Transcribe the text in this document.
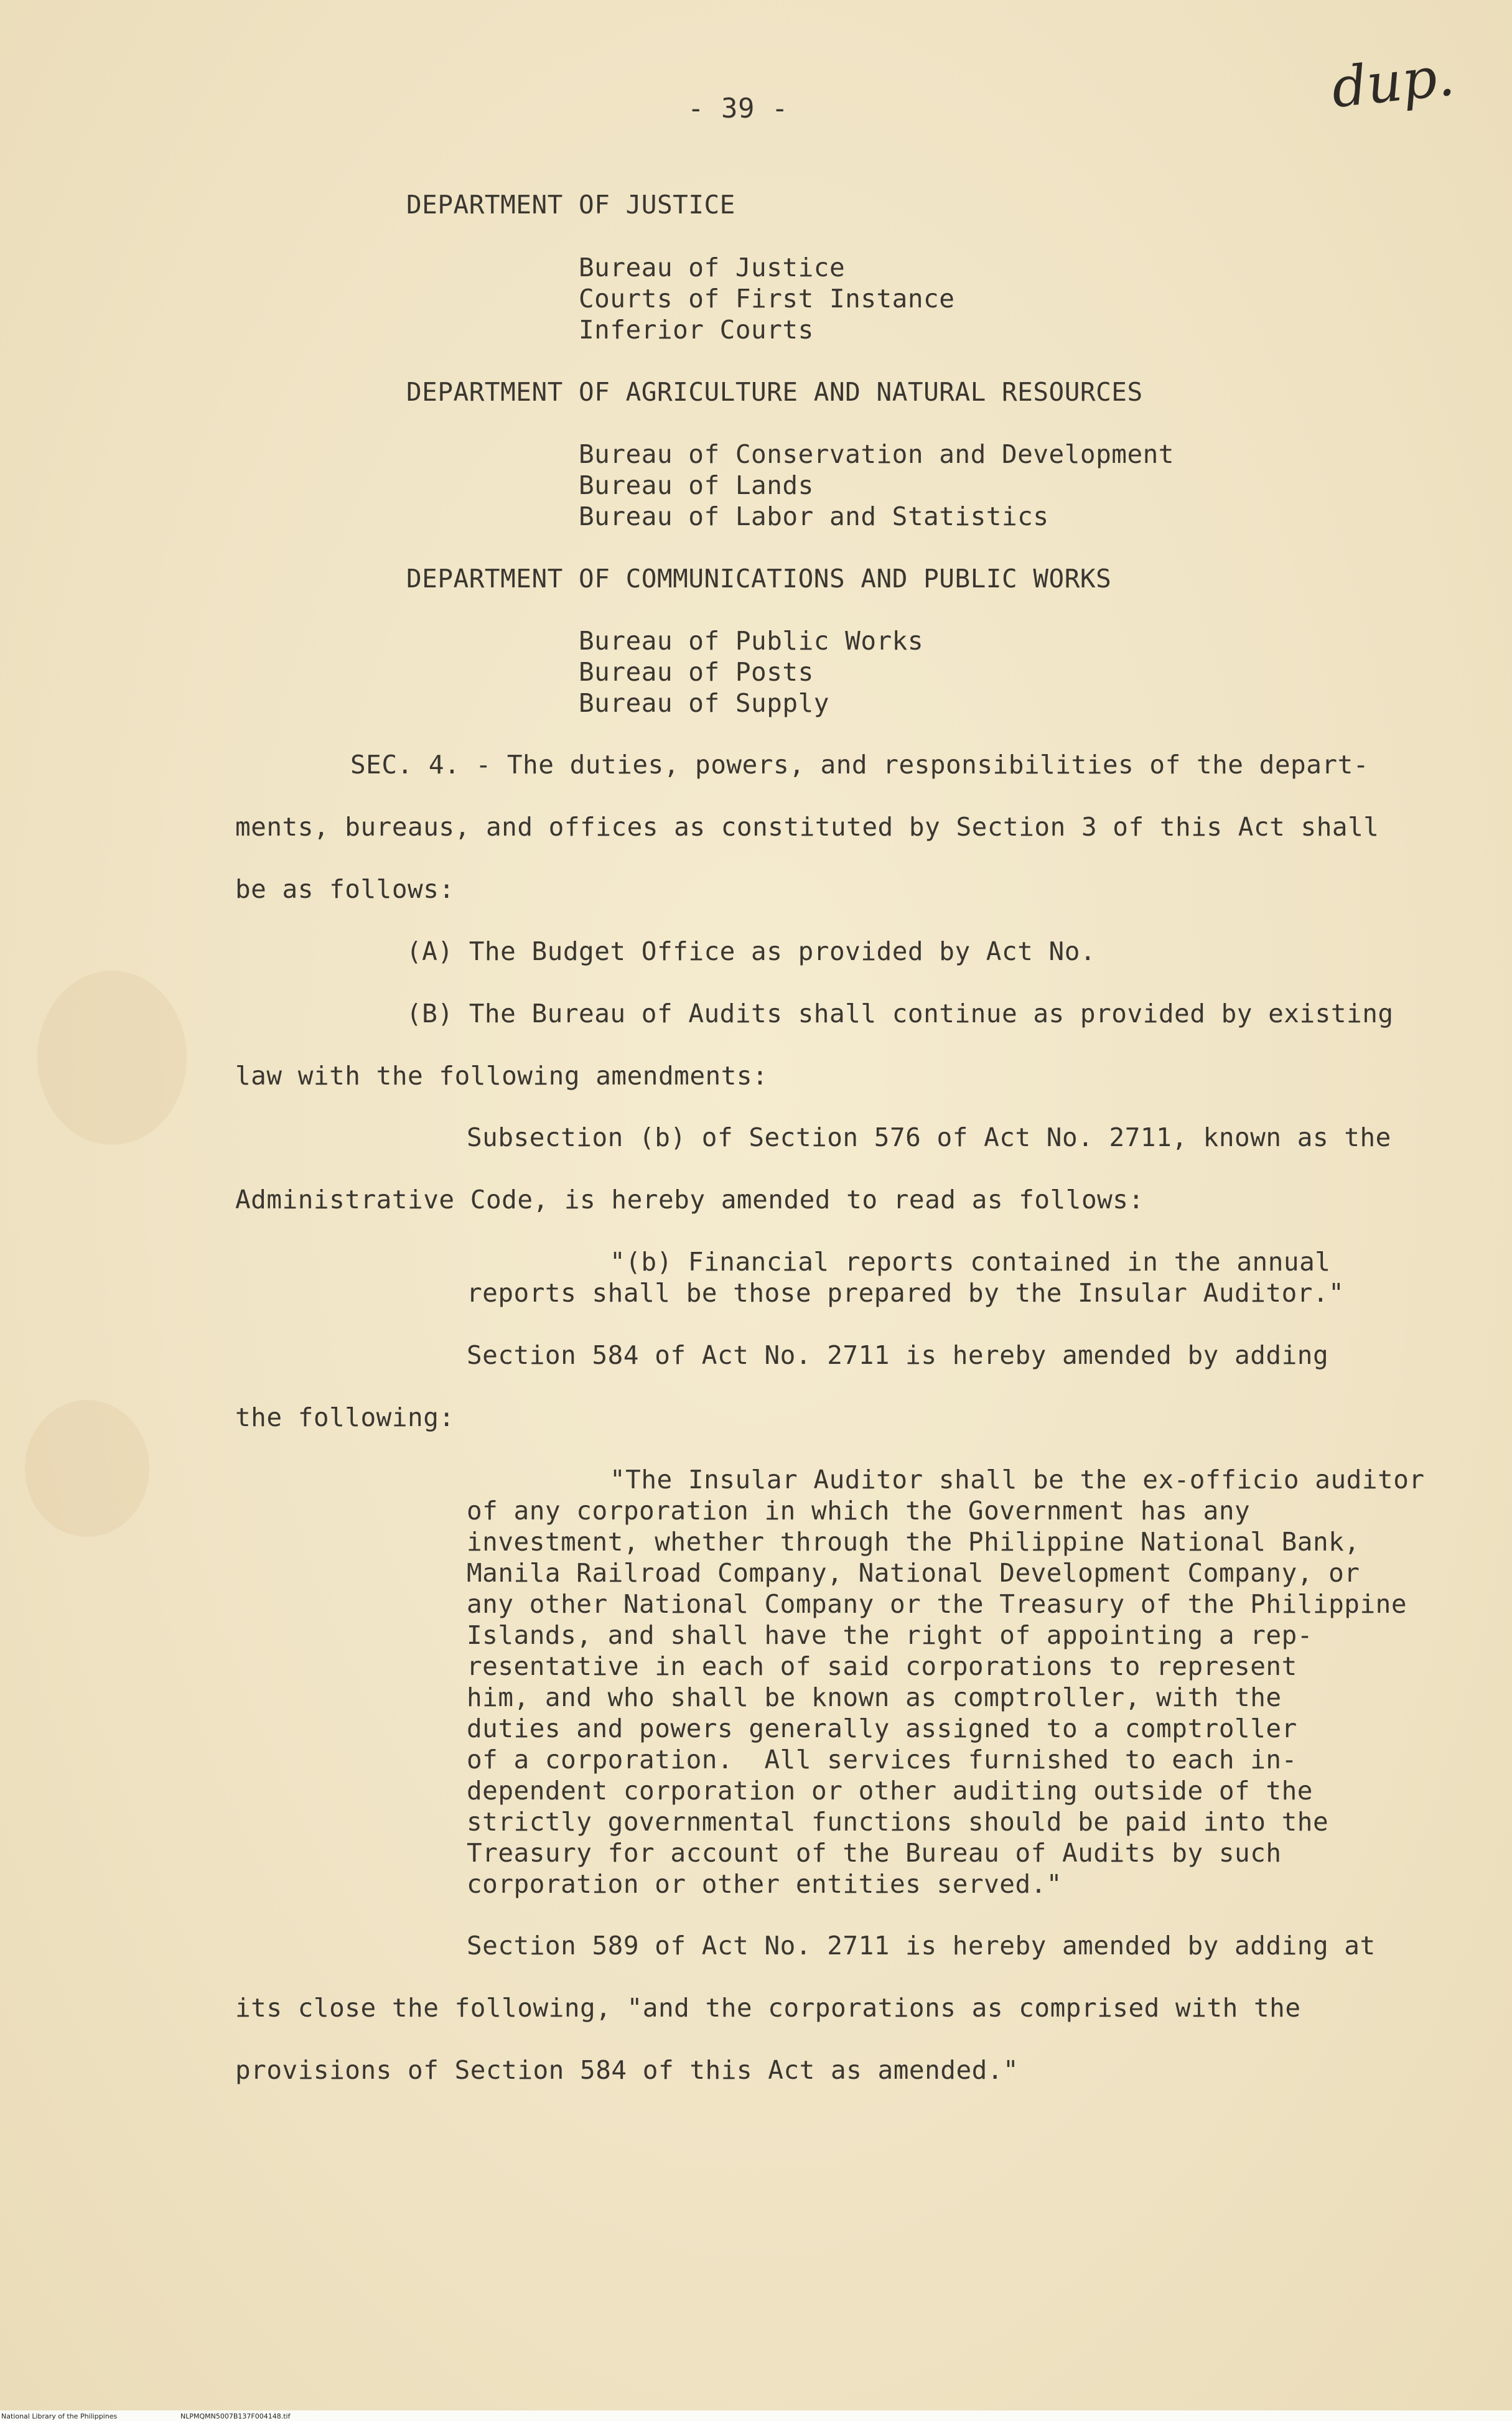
- 39 -	dup.
DEPARTMENT OF JUSTICE
Bureau of Justice
Courts of First Instance
Inferior Courts
DEPARTMENT OF AGRICULTURE AND NATURAL RESOURCES
Bureau of Conservation and Development
Bureau of Lands
Bureau of Labor and Statistics
DEPARTMENT OF COMMUNICATIONS AND PUBLIC WORKS
Bureau of Public Works
Bureau of Posts
Bureau of Supply
SEC. 4. - The duties, powers, and responsibilities of the depart-
ments, bureaus, and offices as constituted by Section 3 of this Act shall
be as follows:
(A) The Budget Office as provided by Act No.
(B) The Bureau of Audits shall continue as provided by existing
law with the following amendments:
Subsection (b) of Section 576 of Act No. 2711, known as the
Administrative Code, is hereby amended to read as follows:
"(b) Financial reports contained in the annual
reports shall be those prepared by the Insular Auditor."
Section 584 of Act No. 2711 is hereby amended by adding
the following:
"The Insular Auditor shall be the ex-officio auditor
of any corporation in which the Government has any
investment, whether through the Philippine National Bank,
Manila Railroad Company, National Development Company, or
any other National Company or the Treasury of the Philippine
Islands, and shall have the right of appointing a rep-
resentative in each of said corporations to represent
him, and who shall be known as comptroller, with the
duties and powers generally assigned to a comptroller
of a corporation.  All services furnished to each in-
dependent corporation or other auditing outside of the
strictly governmental functions should be paid into the
Treasury for account of the Bureau of Audits by such
corporation or other entities served."
Section 589 of Act No. 2711 is hereby amended by adding at
its close the following, "and the corporations as comprised with the
provisions of Section 584 of this Act as amended."
National Library of the Philippines	NLPMQMN5007B137F004148.tif
